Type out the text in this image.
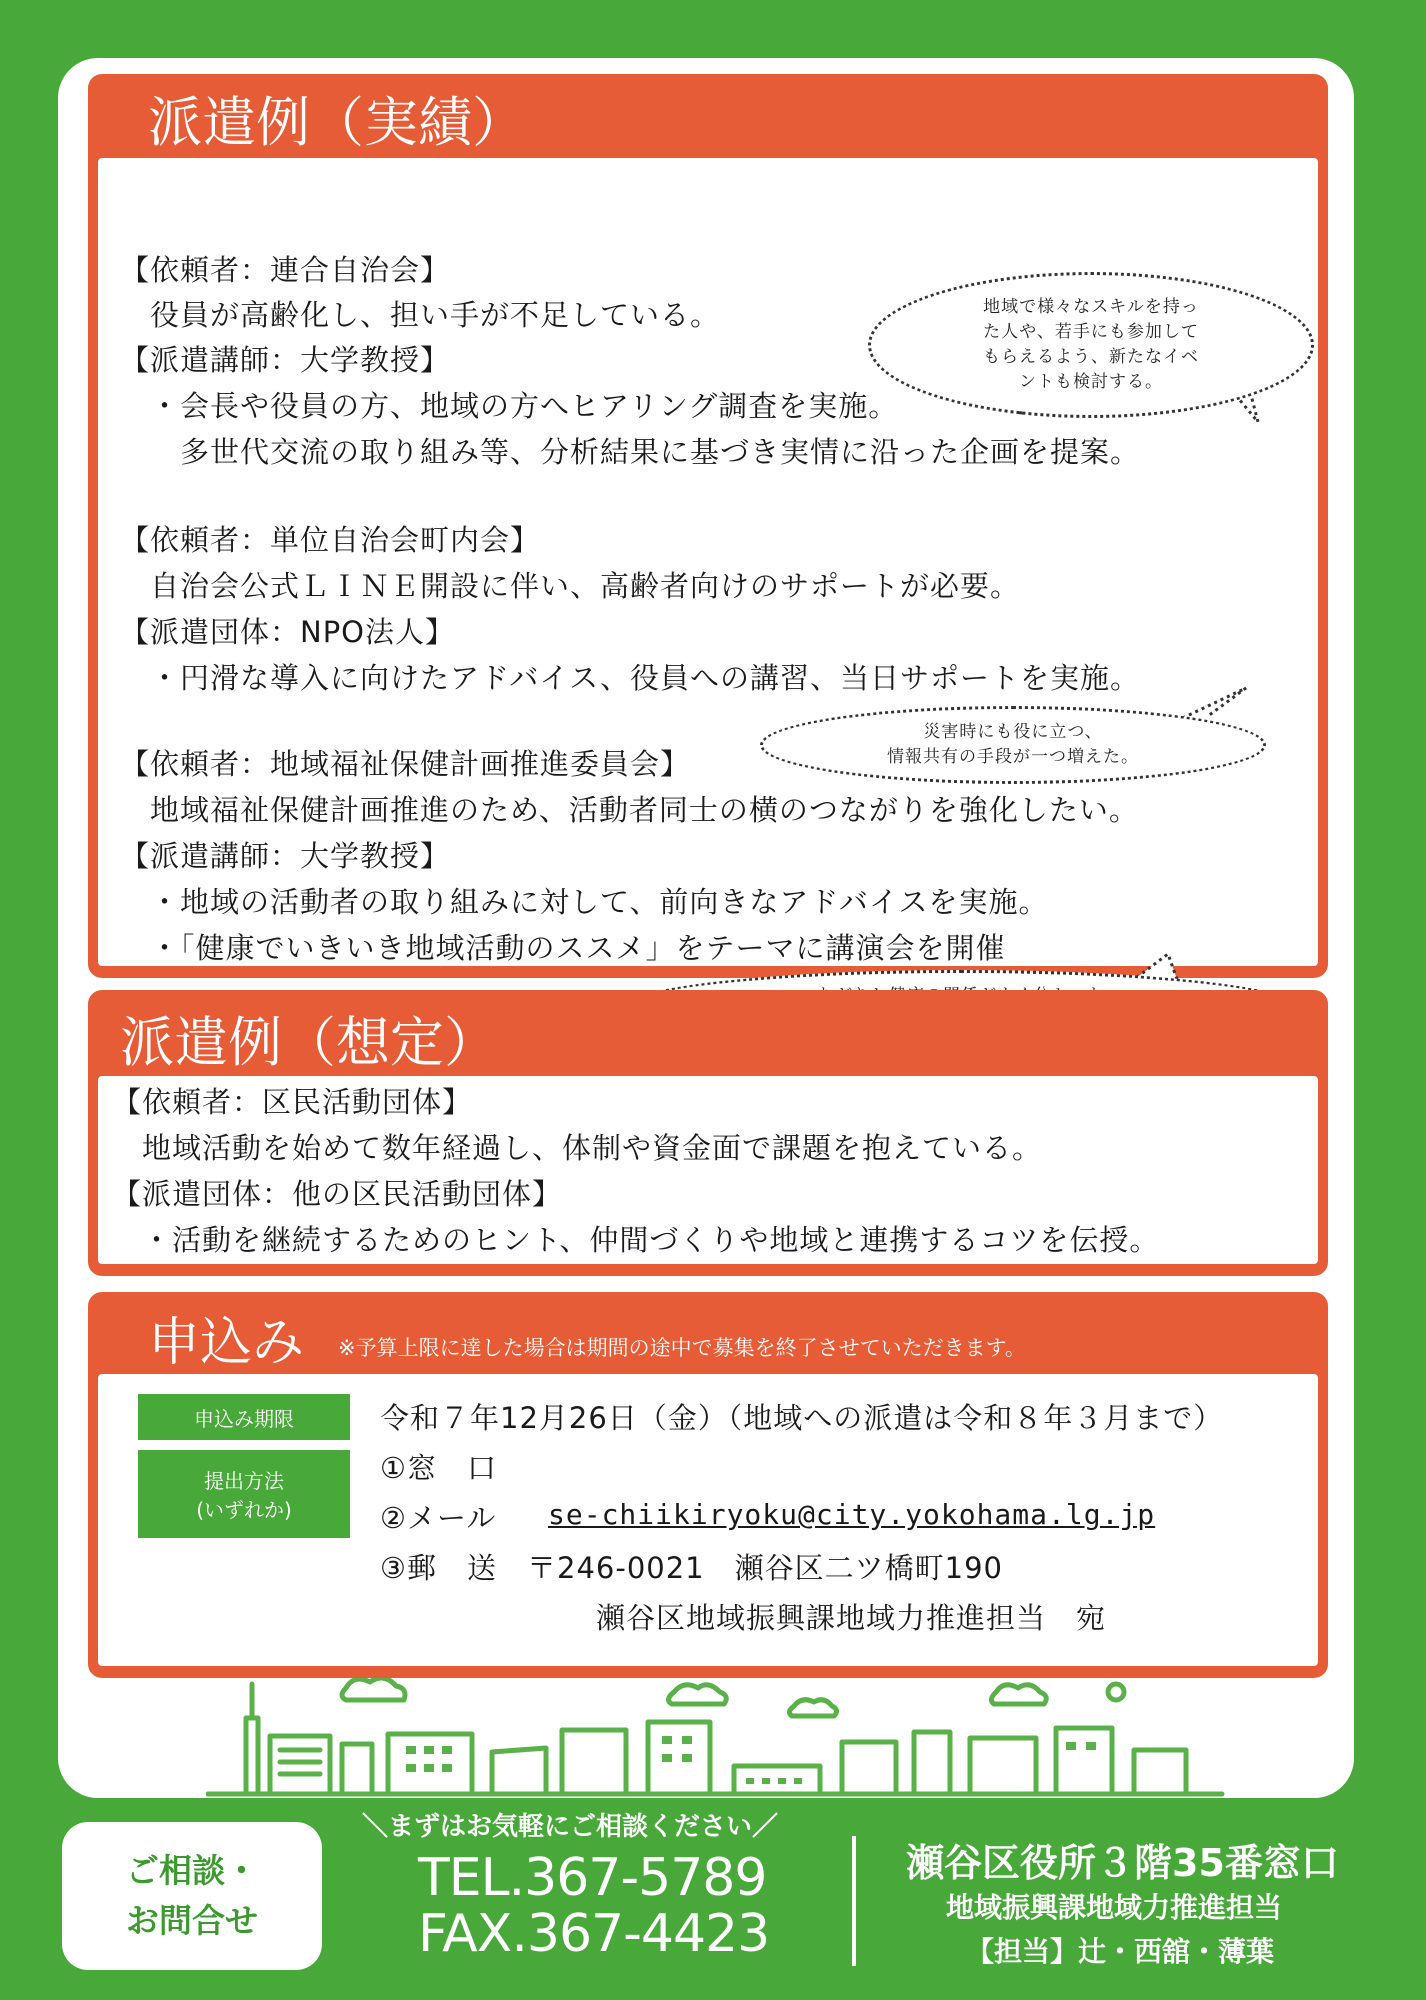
派遣例（実績）
【依頼者：連合自治会】
　役員が高齢化し、担い手が不足している。
【派遣講師：大学教授】
　・会長や役員の方、地域の方へヒアリング調査を実施。
　　多世代交流の取り組み等、分析結果に基づき実情に沿った企画を提案。
【依頼者：単位自治会町内会】
　自治会公式ＬＩＮＥ開設に伴い、高齢者向けのサポートが必要。
【派遣団体：NPO法人】
　・円滑な導入に向けたアドバイス、役員への講習、当日サポートを実施。
【依頼者：地域福祉保健計画推進委員会】
　地域福祉保健計画推進のため、活動者同士の横のつながりを強化したい。
【派遣講師：大学教授】
　・地域の活動者の取り組みに対して、前向きなアドバイスを実施。
　・「健康でいきいき地域活動のススメ」をテーマに講演会を開催
地域で様々なスキルを持っ
た人や、若手にも参加して
もらえるよう、新たなイベ
ントも検討する。
災害時にも役に立つ、
情報共有の手段が一つ増えた。
派遣例（想定）
【依頼者：区民活動団体】
　地域活動を始めて数年経過し、体制や資金面で課題を抱えている。
【派遣団体：他の区民活動団体】
　・活動を継続するためのヒント、仲間づくりや地域と連携するコツを伝授。
申込み ※予算上限に達した場合は期間の途中で募集を終了させていただきます。
申込み期限
提出方法
(いずれか)
令和７年12月26日（金）（地域への派遣は令和８年３月まで）
①窓　口
②メール se-chiikiryoku@city.yokohama.lg.jp
③郵　送　〒246-0021　瀬谷区二ツ橋町190
瀬谷区地域振興課地域力推進担当　宛
ご相談・
お問合せ
＼まずはお気軽にご相談ください／
TEL.367-5789
FAX.367-4423
瀬谷区役所３階35番窓口
地域振興課地域力推進担当
【担当】辻・西舘・薄葉
